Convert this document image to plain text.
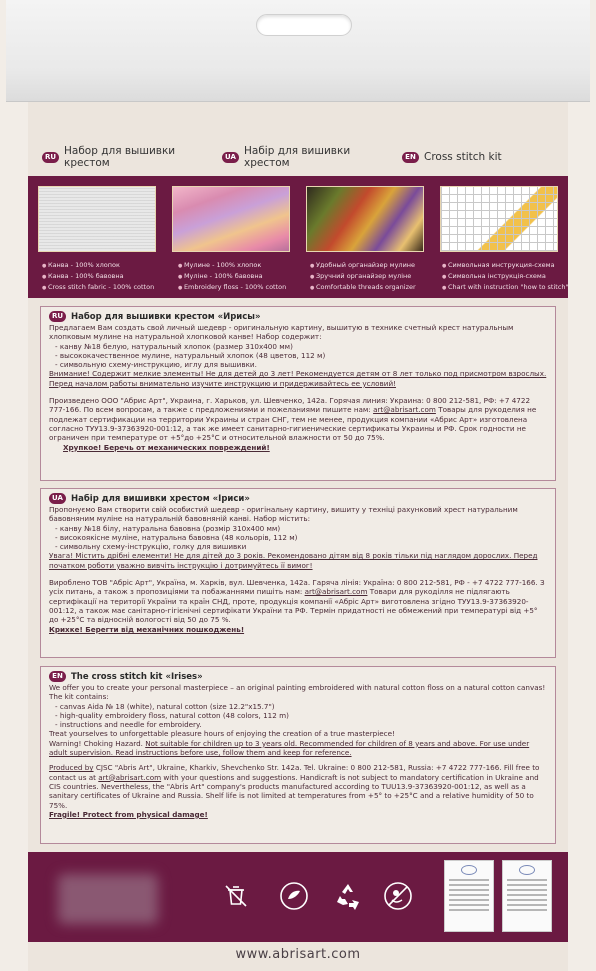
RU Набор для вышивки крестом
UA Набір для вишивки хрестом
EN Cross stitch kit
● Канва - 100% хлопок
● Канва - 100% бавовна
● Cross stitch fabric - 100% cotton
● Мулине - 100% хлопок
● Муліне - 100% бавовна
● Embroidery floss - 100% cotton
● Удобный органайзер мулине
● Зручний органайзер муліне
● Comfortable threads organizer
● Символьная инструкция-схема
● Символьна інструкція-схема
● Chart with instruction "how to stitch"
RU Набор для вышивки крестом «Ирисы»

Предлагаем Вам создать свой личный шедевр - оригинальную картину, вышитую в технике счетный крест натуральным хлопковым мулине на натуральной хлопковой канве! Набор содержит:

- канву №18 белую, натуральный хлопок (размер 310х400 мм)

- высококачественное мулине, натуральный хлопок (48 цветов, 112 м)

- символьную схему-инструкцию, иглу для вышивки.

Внимание! Содержит мелкие элементы! Не для детей до 3 лет! Рекомендуется детям от 8 лет только под присмотром взрослых. Перед началом работы внимательно изучите инструкцию и придерживайтесь ее условий!

Произведено ООО "Абрис Арт", Украина, г. Харьков, ул. Шевченко, 142а. Горячая линия: Украина: 0 800 212-581, РФ: +7 4722 777-166. По всем вопросам, а также с предложениями и пожеланиями пишите нам: art@abrisart.com Товары для рукоделия не подлежат сертификации на территории Украины и стран СНГ, тем не менее, продукция компании «Абрис Арт» изготовлена согласно ТУУ13.9-37363920-001:12, а так же имеет санитарно-гигиенические сертификаты Украины и РФ. Срок годности не ограничен при температуре от +5°до +25°С и относительной влажности от 50 до 75%.

Хрупкое! Беречь от механических повреждений!

UA Набір для вишивки хрестом «Іриси»

Пропонуємо Вам створити свій особистий шедевр - оригінальну картину, вишиту у техніці рахунковий хрест натуральним бавовняним муліне на натуральній бавовняній канві. Набор містить:

- канву №18 білу, натуральна бавовна (розмір 310х400 мм)

- високоякісне муліне, натуральна бавовна (48 кольорів, 112 м)

- символьну схему-інструкцію, голку для вишивки

Увага! Містить дрібні елементи! Не для дітей до 3 років. Рекомендовано дітям від 8 років тільки під наглядом дорослих. Перед початком роботи уважно вивчіть інструкцію і дотримуйтесь її вимог!

Вироблено ТОВ "Абріс Арт", Україна, м. Харків, вул. Шевченка, 142а. Гаряча лінія: Україна: 0 800 212-581, РФ - +7 4722 777-166. З усіх питань, а також з пропозиціями та побажаннями пишіть нам: art@abrisart.com Товари для рукоділля не підлягають сертифікації на території України та країн СНД, проте, продукція компанії «Абріс Арт» виготовлена згідно ТУУ13.9-37363920-001:12, а також має санітарно-гігієнічні сертифікати України та РФ. Термін придатності не обмежений при температурі від +5° до +25°С та відносній вологості від 50 до 75 %.

Крихке! Берегти від механічних пошкоджень!

EN The cross stitch kit «Irises»

We offer you to create your personal masterpiece – an original painting embroidered with natural cotton floss on a natural cotton canvas! The kit contains:

- canvas Aida № 18 (white), natural cotton (size 12.2"x15.7")

- high-quality embroidery floss, natural cotton (48 colors, 112 m)

- instructions and needle for embroidery.

Treat yourselves to unforgettable pleasure hours of enjoying the creation of a true masterpiece!

Warning! Choking Hazard. Not suitable for children up to 3 years old. Recommended for children of 8 years and above. For use under adult supervision. Read instructions before use, follow them and keep for reference.

Produced by CJSC "Abris Art", Ukraine, Kharkiv, Shevchenko Str. 142a. Tel. Ukraine: 0 800 212-581, Russia: +7 4722 777-166. Fill free to contact us at art@abrisart.com with your questions and suggestions. Handicraft is not subject to mandatory certification in Ukraine and CIS countries. Nevertheless, the "Abris Art" company's products manufactured according to TUU13.9-37363920-001:12, as well as a sanitary certificates of Ukraine and Russia. Shelf life is not limited at temperatures from +5° to +25°C and a relative humidity of 50 to 75%.

Fragile! Protect from physical damage!

www.abrisart.com
